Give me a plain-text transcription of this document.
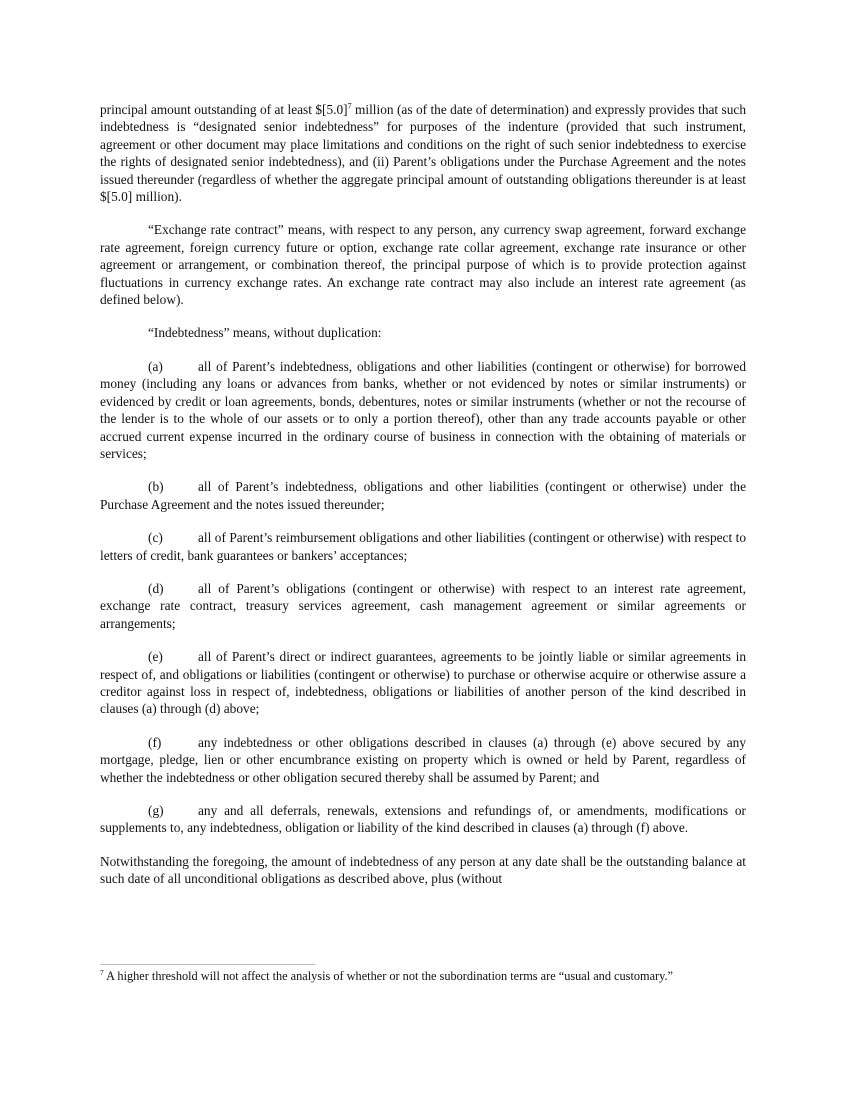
principal amount outstanding of at least $\$[5.0]^7$ million (as of the date of determination) and expressly provides that such indebtedness is “designated senior indebtedness” for purposes of the indenture (provided that such instrument, agreement or other document may place limitations and conditions on the right of such senior indebtedness to exercise the rights of designated senior indebtedness), and (ii) Parent’s obligations under the Purchase Agreement and the notes issued thereunder (regardless of whether the aggregate principal amount of outstanding obligations thereunder is at least $[5.0] million).

“Exchange rate contract” means, with respect to any person, any currency swap agreement, forward exchange rate agreement, foreign currency future or option, exchange rate collar agreement, exchange rate insurance or other agreement or arrangement, or combination thereof, the principal purpose of which is to provide protection against fluctuations in currency exchange rates. An exchange rate contract may also include an interest rate agreement (as defined below).

“Indebtedness” means, without duplication:

(a)	all of Parent’s indebtedness, obligations and other liabilities (contingent or otherwise) for borrowed money (including any loans or advances from banks, whether or not evidenced by notes or similar instruments) or evidenced by credit or loan agreements, bonds, debentures, notes or similar instruments (whether or not the recourse of the lender is to the whole of our assets or to only a portion thereof), other than any trade accounts payable or other accrued current expense incurred in the ordinary course of business in connection with the obtaining of materials or services;

(b)	all of Parent’s indebtedness, obligations and other liabilities (contingent or otherwise) under the Purchase Agreement and the notes issued thereunder;

(c)	all of Parent’s reimbursement obligations and other liabilities (contingent or otherwise) with respect to letters of credit, bank guarantees or bankers’ acceptances;

(d)	all of Parent’s obligations (contingent or otherwise) with respect to an interest rate agreement, exchange rate contract, treasury services agreement, cash management agreement or similar agreements or arrangements;

(e)	all of Parent’s direct or indirect guarantees, agreements to be jointly liable or similar agreements in respect of, and obligations or liabilities (contingent or otherwise) to purchase or otherwise acquire or otherwise assure a creditor against loss in respect of, indebtedness, obligations or liabilities of another person of the kind described in clauses (a) through (d) above;

(f)	any indebtedness or other obligations described in clauses (a) through (e) above secured by any mortgage, pledge, lien or other encumbrance existing on property which is owned or held by Parent, regardless of whether the indebtedness or other obligation secured thereby shall be assumed by Parent; and

(g)	any and all deferrals, renewals, extensions and refundings of, or amendments, modifications or supplements to, any indebtedness, obligation or liability of the kind described in clauses (a) through (f) above.

Notwithstanding the foregoing, the amount of indebtedness of any person at any date shall be the outstanding balance at such date of all unconditional obligations as described above, plus (without

$^7$ A higher threshold will not affect the analysis of whether or not the subordination terms are “usual and customary.”
